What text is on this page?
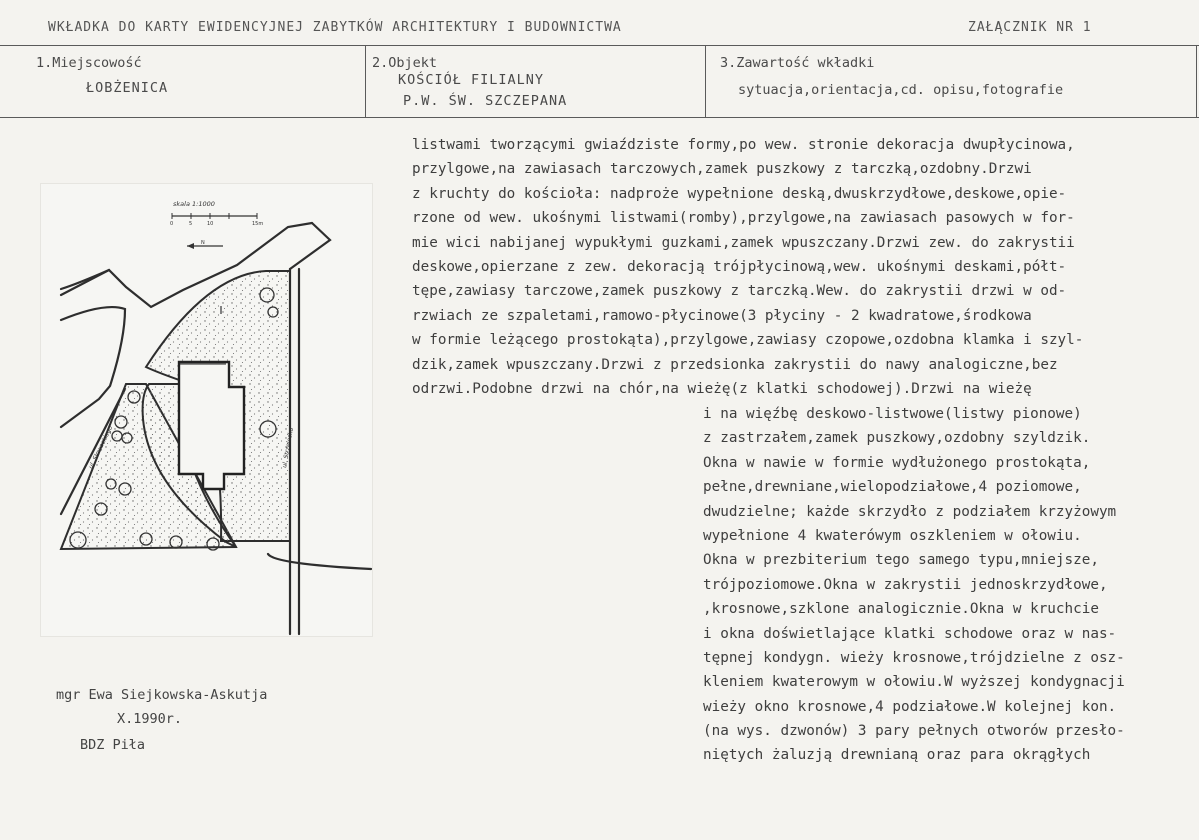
WKŁADKA DO KARTY EWIDENCYJNEJ ZABYTKÓW ARCHITEKTURY I BUDOWNICTWA	ZAŁĄCZNIK NR 1
1.Miejscowość
ŁOBŻENICA
2.Objekt
KOŚCIÓŁ FILIALNY
P.W. ŚW. SZCZEPANA
3.Zawartość wkładki
sytuacja,orientacja,cd. opisu,fotografie
skala 1:1000
0	5	10	15m
N
ul. Słowackiego	ul. Strzelecka
listwami tworzącymi gwiaździste formy,po wew. stronie dekoracja dwupłycinowa,
przylgowe,na zawiasach tarczowych,zamek puszkowy z tarczką,ozdobny.Drzwi
z kruchty do kościoła: nadproże wypełnione deską,dwuskrzydłowe,deskowe,opie-
rzone od wew. ukośnymi listwami(romby),przylgowe,na zawiasach pasowych w for-
mie wici nabijanej wypukłymi guzkami,zamek wpuszczany.Drzwi zew. do zakrystii
deskowe,opierzane z zew. dekoracją trójpłycinową,wew. ukośnymi deskami,półt-
tępe,zawiasy tarczowe,zamek puszkowy z tarczką.Wew. do zakrystii drzwi w od-
rzwiach ze szpaletami,ramowo-płycinowe(3 płyciny - 2 kwadratowe,środkowa
w formie leżącego prostokąta),przylgowe,zawiasy czopowe,ozdobna klamka i szyl-
dzik,zamek wpuszczany.Drzwi z przedsionka zakrystii do nawy analogiczne,bez
odrzwi.Podobne drzwi na chór,na wieżę(z klatki schodowej).Drzwi na wieżę
i na więźbę deskowo-listwowe(listwy pionowe)
z zastrzałem,zamek puszkowy,ozdobny szyldzik.
Okna w nawie w formie wydłużonego prostokąta,
pełne,drewniane,wielopodziałowe,4 poziomowe,
dwudzielne; każde skrzydło z podziałem krzyżowym
wypełnione 4 kwaterówym oszkleniem w ołowiu.
Okna w prezbiterium tego samego typu,mniejsze,
trójpoziomowe.Okna w zakrystii jednoskrzydłowe,
,krosnowe,szklone analogicznie.Okna w kruchcie
i okna doświetlające klatki schodowe oraz w nas-
tępnej kondygn. wieży krosnowe,trójdzielne z osz-
kleniem kwaterowym w ołowiu.W wyższej kondygnacji
wieży okno krosnowe,4 podziałowe.W kolejnej kon.
(na wys. dzwonów) 3 pary pełnych otworów przesło-
niętych żaluzją drewnianą oraz para okrągłych
mgr Ewa Siejkowska-Askutja
X.1990r.
BDZ Piła
